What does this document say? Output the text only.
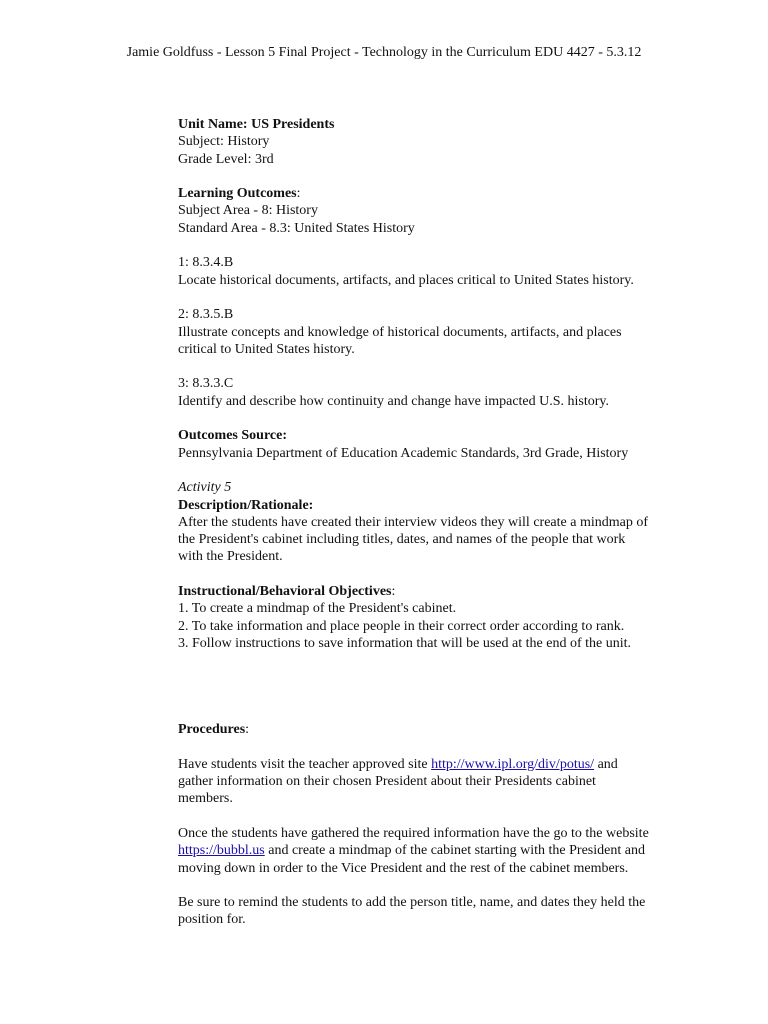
Jamie Goldfuss - Lesson 5 Final Project - Technology in the Curriculum EDU 4427 - 5.3.12

Unit Name: US Presidents

Subject: History

Grade Level: 3rd

Learning Outcomes:

Subject Area - 8: History

Standard Area - 8.3: United States History

1: 8.3.4.B

Locate historical documents, artifacts, and places critical to United States history.

2: 8.3.5.B

Illustrate concepts and knowledge of historical documents, artifacts, and places

critical to United States history.

3: 8.3.3.C

Identify and describe how continuity and change have impacted U.S. history.

Outcomes Source:

Pennsylvania Department of Education Academic Standards, 3rd Grade, History

Activity 5

Description/Rationale:

After the students have created their interview videos they will create a mindmap of

the President's cabinet including titles, dates, and names of the people that work

with the President.

Instructional/Behavioral Objectives:

1. To create a mindmap of the President's cabinet.

2. To take information and place people in their correct order according to rank.

3. Follow instructions to save information that will be used at the end of the unit.

Procedures:

Have students visit the teacher approved site http://www.ipl.org/div/potus/ and

gather information on their chosen President about their Presidents cabinet

members.

Once the students have gathered the required information have the go to the website

https://bubbl.us and create a mindmap of the cabinet starting with the President and

moving down in order to the Vice President and the rest of the cabinet members.

Be sure to remind the students to add the person title, name, and dates they held the

position for.
